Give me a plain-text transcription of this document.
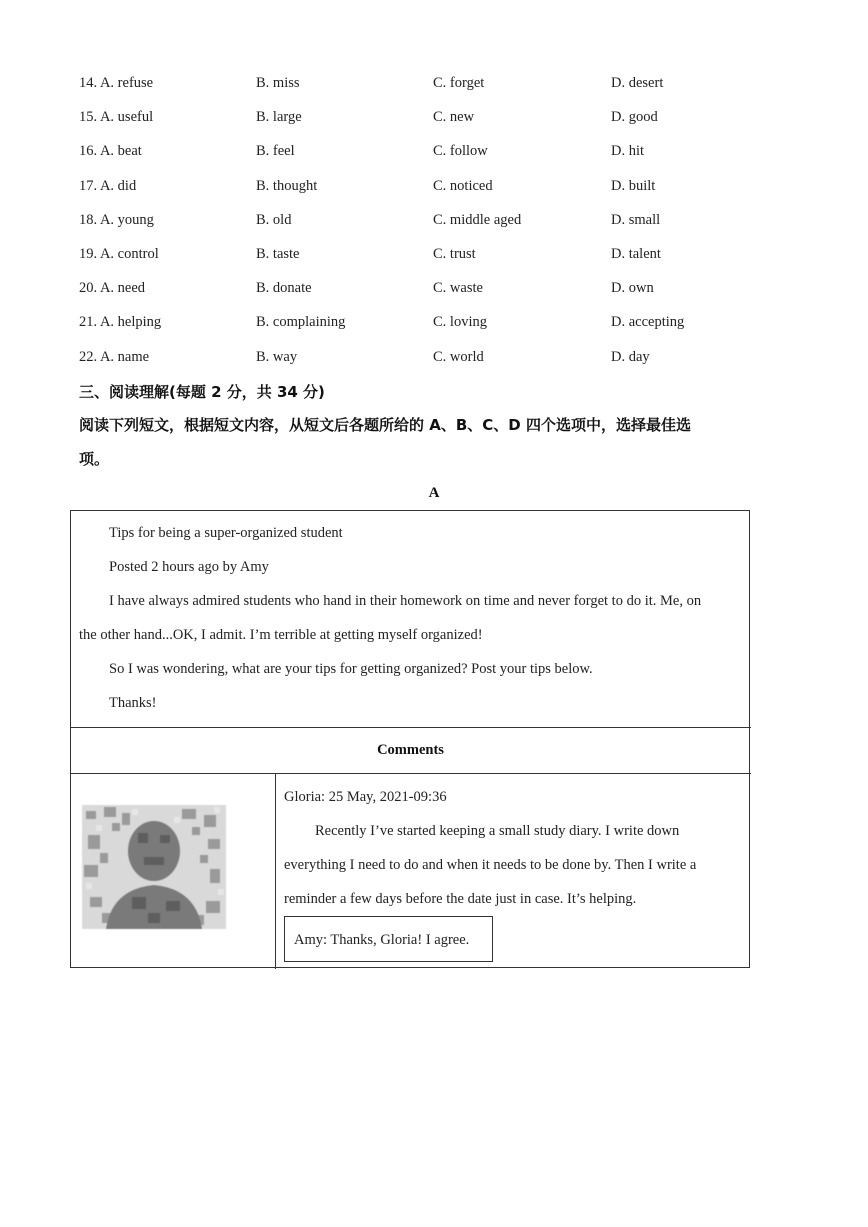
14. A. refuse	B. miss	C. forget	D. desert
15. A. useful	B. large	C. new	D. good
16. A. beat	B. feel	C. follow	D. hit
17. A. did	B. thought	C. noticed	D. built
18. A. young	B. old	C. middle aged	D. small
19. A. control	B. taste	C. trust	D. talent
20. A. need	B. donate	C. waste	D. own
21. A. helping	B. complaining	C. loving	D. accepting
22. A. name	B. way	C. world	D. day
三、阅读理解(每题 2 分，共 34 分)
阅读下列短文，根据短文内容，从短文后各题所给的 A、B、C、D 四个选项中，选择最佳选
项。
A
Tips for being a super-organized student
Posted 2 hours ago by Amy
I have always admired students who hand in their homework on time and never forget to do it. Me, on
the other hand...OK, I admit. I’m terrible at getting myself organized!
So I was wondering, what are your tips for getting organized? Post your tips below.
Thanks!
Comments
Gloria: 25 May, 2021-09:36
Recently I’ve started keeping a small study diary. I write down
everything I need to do and when it needs to be done by. Then I write a
reminder a few days before the date just in case. It’s helping.
Amy: Thanks, Gloria! I agree.
